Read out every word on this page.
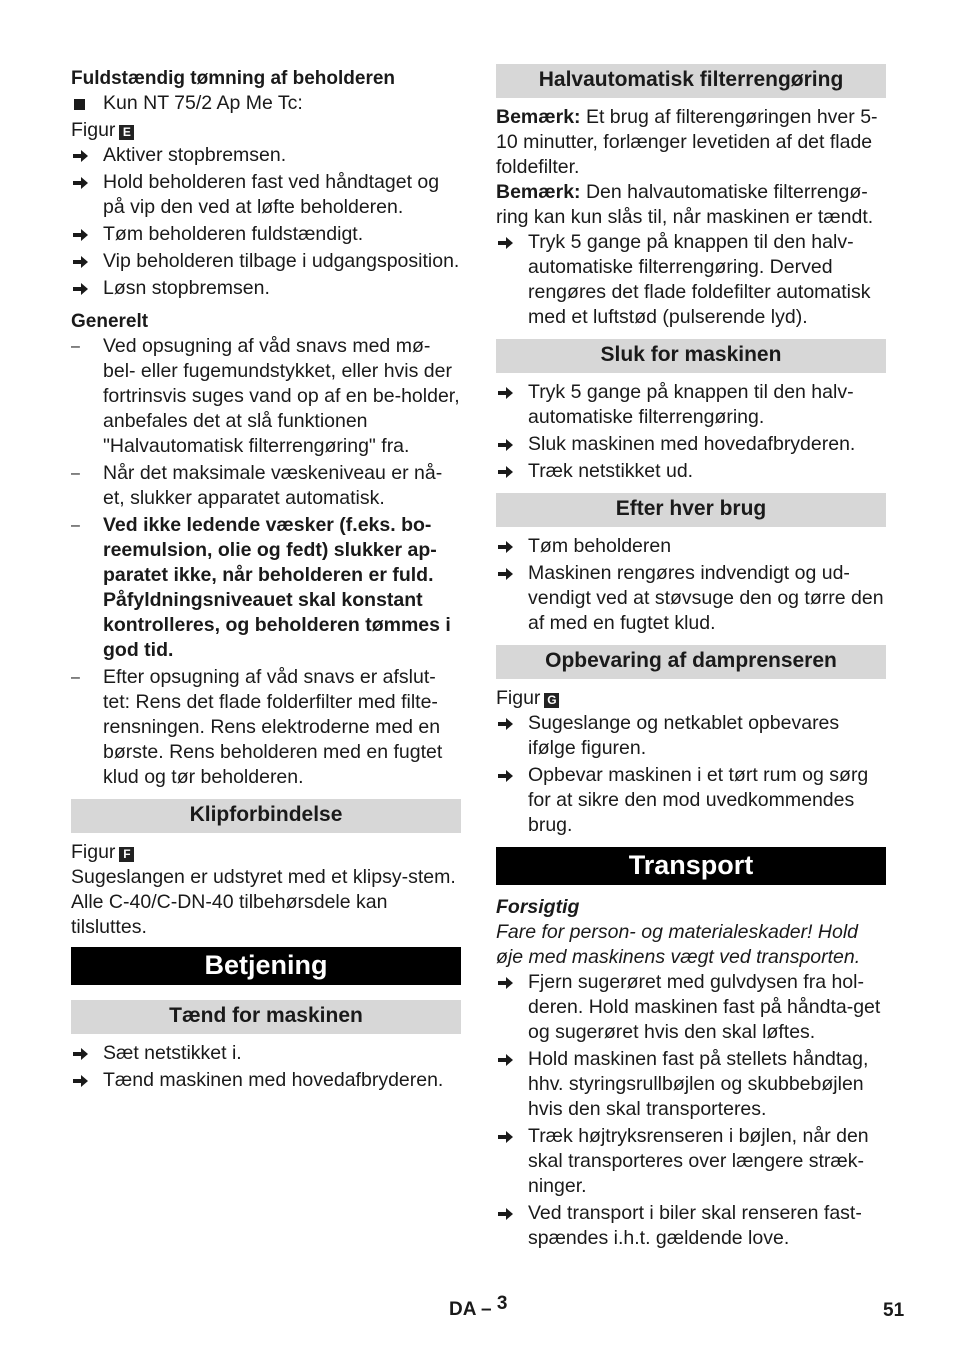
Fuldstændig tømning af beholderen

Kun NT 75/2 Ap Me Tc:

Figur E

Aktiver stopbremsen.
Hold beholderen fast ved håndtaget og på vip den ved at løfte beholderen.
Tøm beholderen fuldstændigt.
Vip beholderen tilbage i udgangsposition.
Løsn stopbremsen.

Generelt

– Ved opsugning af våd snavs med mø-bel- eller fugemundstykket, eller hvis der fortrinsvis suges vand op af en be-holder, anbefales det at slå funktionen "Halvautomatisk filterrengøring" fra.
– Når det maksimale væskeniveau er nå-et, slukker apparatet automatisk.
– Ved ikke ledende væsker (f.eks. bo-reemulsion, olie og fedt) slukker ap-paratet ikke, når beholderen er fuld. Påfyldningsniveauet skal konstant kontrolleres, og beholderen tømmes i god tid.
– Efter opsugning af våd snavs er afslut-tet: Rens det flade folderfilter med filte-rensningen. Rens elektroderne med en børste. Rens beholderen med en fugtet klud og tør beholderen.

Klipforbindelse

Figur F

Sugeslangen er udstyret med et klipsy-stem. Alle C-40/C-DN-40 tilbehørsdele kan tilsluttes.

Betjening

Tænd for maskinen

Sæt netstikket i.
Tænd maskinen med hovedafbryderen.

Halvautomatisk filterrengøring

Bemærk: Et brug af filterengøringen hver 5-10 minutter, forlænger levetiden af det flade foldefilter.

Bemærk: Den halvautomatiske filterrengø-ring kan kun slås til, når maskinen er tændt.

Tryk 5 gange på knappen til den halv-automatiske filterrengøring. Derved rengøres det flade foldefilter automatisk med et luftstød (pulserende lyd).

Sluk for maskinen

Tryk 5 gange på knappen til den halv-automatiske filterrengøring.
Sluk maskinen med hovedafbryderen.
Træk netstikket ud.

Efter hver brug

Tøm beholderen
Maskinen rengøres indvendigt og ud-vendigt ved at støvsuge den og tørre den af med en fugtet klud.

Opbevaring af damprenseren

Figur G

Sugeslange og netkablet opbevares ifølge figuren.
Opbevar maskinen i et tørt rum og sørg for at sikre den mod uvedkommendes brug.

Transport

Forsigtig

Fare for person- og materialeskader! Hold øje med maskinens vægt ved transporten.

Fjern sugerøret med gulvdysen fra hol-deren. Hold maskinen fast på håndta-get og sugerøret hvis den skal løftes.
Hold maskinen fast på stellets håndtag, hhv. styringsrullbøjlen og skubbebøjlen hvis den skal transporteres.
Træk højtryksrenseren i bøjlen, når den skal transporteres over længere stræk-ninger.
Ved transport i biler skal renseren fast-spændes i.h.t. gældende love.
DA – 3	51
